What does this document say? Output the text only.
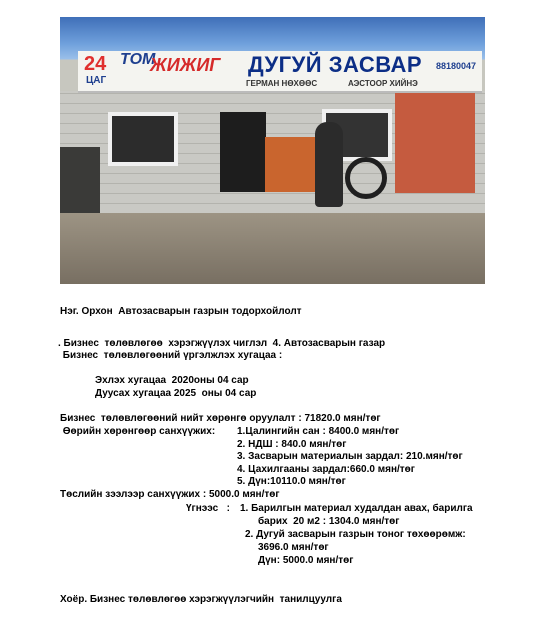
24 ТОМ
ЦАГ
ЖИЖИГ ДУГУЙ ЗАСВАР
ГЕРМАН НӨХӨӨС	АЭСТООР ХИЙНЭ
88180047
Нэг. Орхон  Автозасварын газрын тодорхойлолт
. Бизнес  төлөвлөгөө  хэрэгжүүлэх чиглэл  4. Автозасварын газар
Бизнес  төлөвлөгөөний үргэлжлэх хугацаа :
Эхлэх хугацаа  2020оны 04 сар
Дуусах хугацаа 2025  оны 04 сар
Бизнес  төлөвлөгөөний нийт хөрөнгө оруулалт : 71820.0 мян/төг
Өөрийн хөрөнгөөр санхүүжих: 1.Цалингийн сан : 8400.0 мян/төг
2. НДШ : 840.0 мян/төг
3. Засварын материалын зардал: 210.мян/төг
4. Цахилгааны зардал:660.0 мян/төг
5. Дүн:10110.0 мян/төг
Төслийн зээлээр санхүүжих : 5000.0 мян/төг
Үгнээс   : 1. Барилгын материал худалдан авах, барилга
барих  20 м2 : 1304.0 мян/төг
2. Дугуй засварын газрын тоног төхөөрөмж:
3696.0 мян/төг
Дүн: 5000.0 мян/төг
Хоёр. Бизнес төлөвлөгөө хэрэгжүүлэгчийн  танилцуулга
